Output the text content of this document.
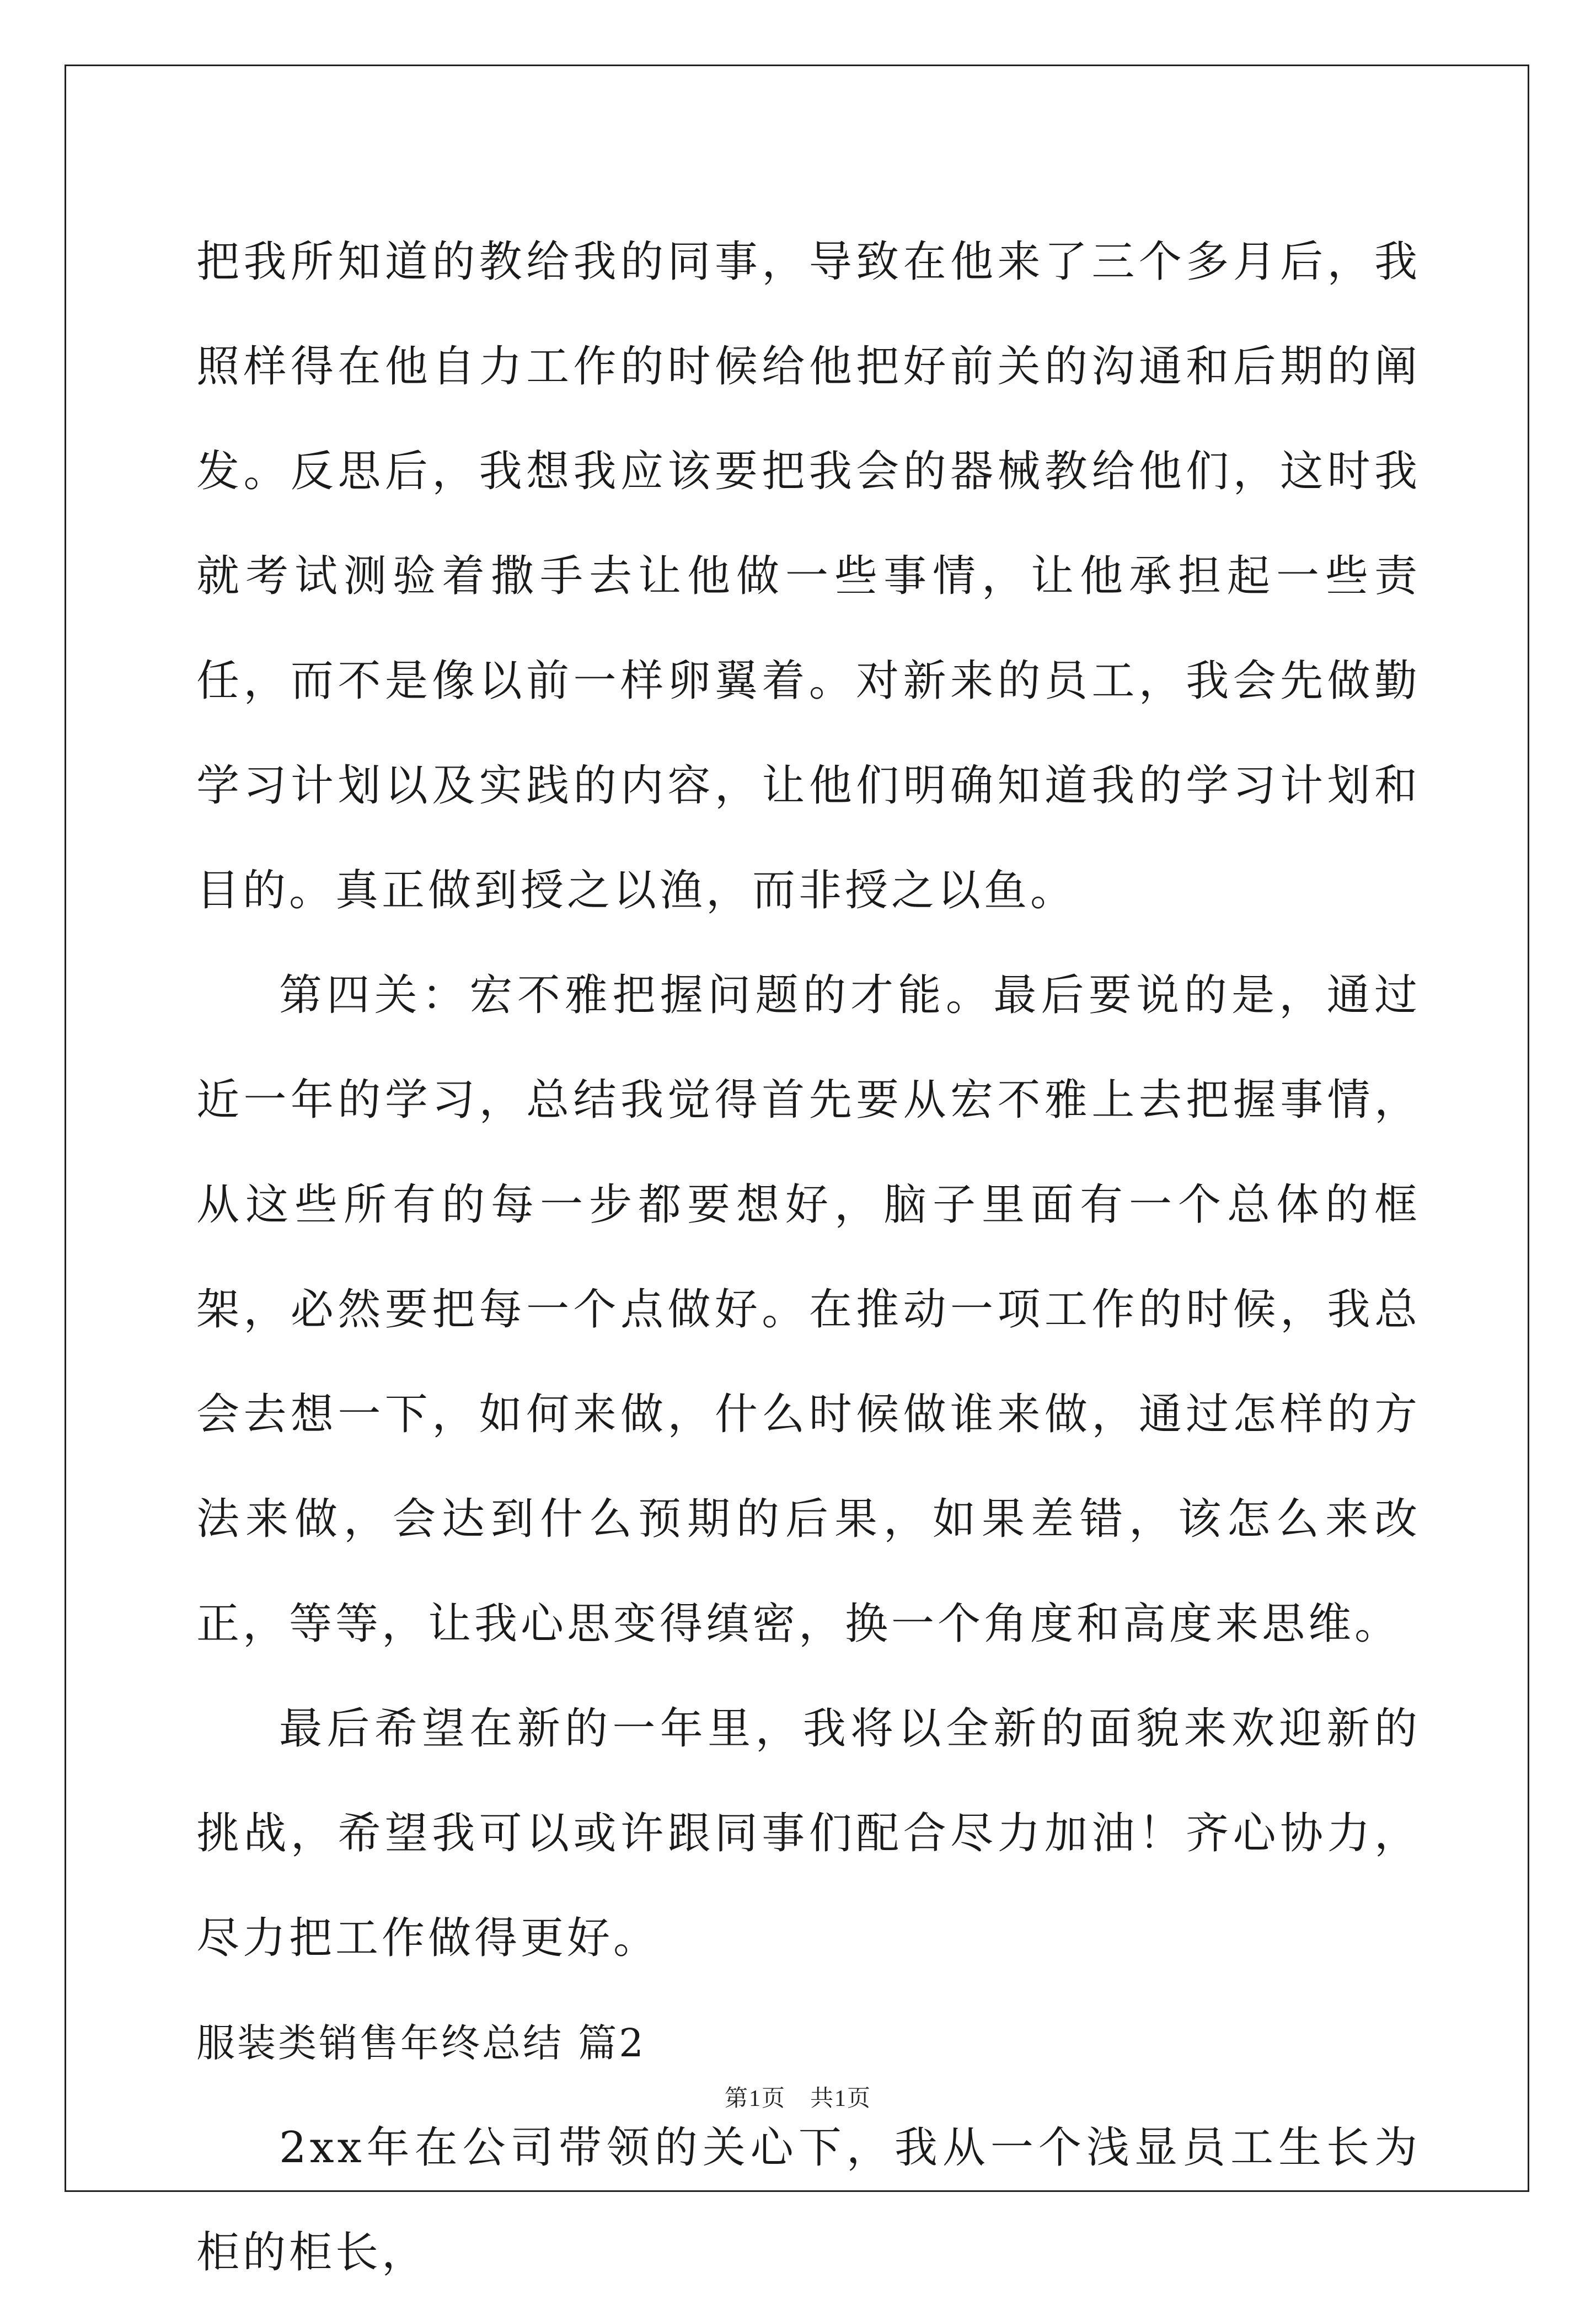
把我所知道的教给我的同事，导致在他来了三个多月后，我照样得在他自力工作的时候给他把好前关的沟通和后期的阐发。反思后，我想我应该要把我会的器械教给他们，这时我就考试测验着撒手去让他做一些事情，让他承担起一些责任，而不是像以前一样卵翼着。对新来的员工，我会先做勤学习计划以及实践的内容，让他们明确知道我的学习计划和目的。真正做到授之以渔，而非授之以鱼。

第四关：宏不雅把握问题的才能。最后要说的是，通过近一年的学习，总结我觉得首先要从宏不雅上去把握事情，从这些所有的每一步都要想好，脑子里面有一个总体的框架，必然要把每一个点做好。在推动一项工作的时候，我总会去想一下，如何来做，什么时候做谁来做，通过怎样的方法来做，会达到什么预期的后果，如果差错，该怎么来改正，等等，让我心思变得缜密，换一个角度和高度来思维。

最后希望在新的一年里，我将以全新的面貌来欢迎新的挑战，希望我可以或许跟同事们配合尽力加油！齐心协力，尽力把工作做得更好。

服装类销售年终总结 篇2

2xx年在公司带领的关心下，我从一个浅显员工生长为柜的柜长，

第1页　共1页
